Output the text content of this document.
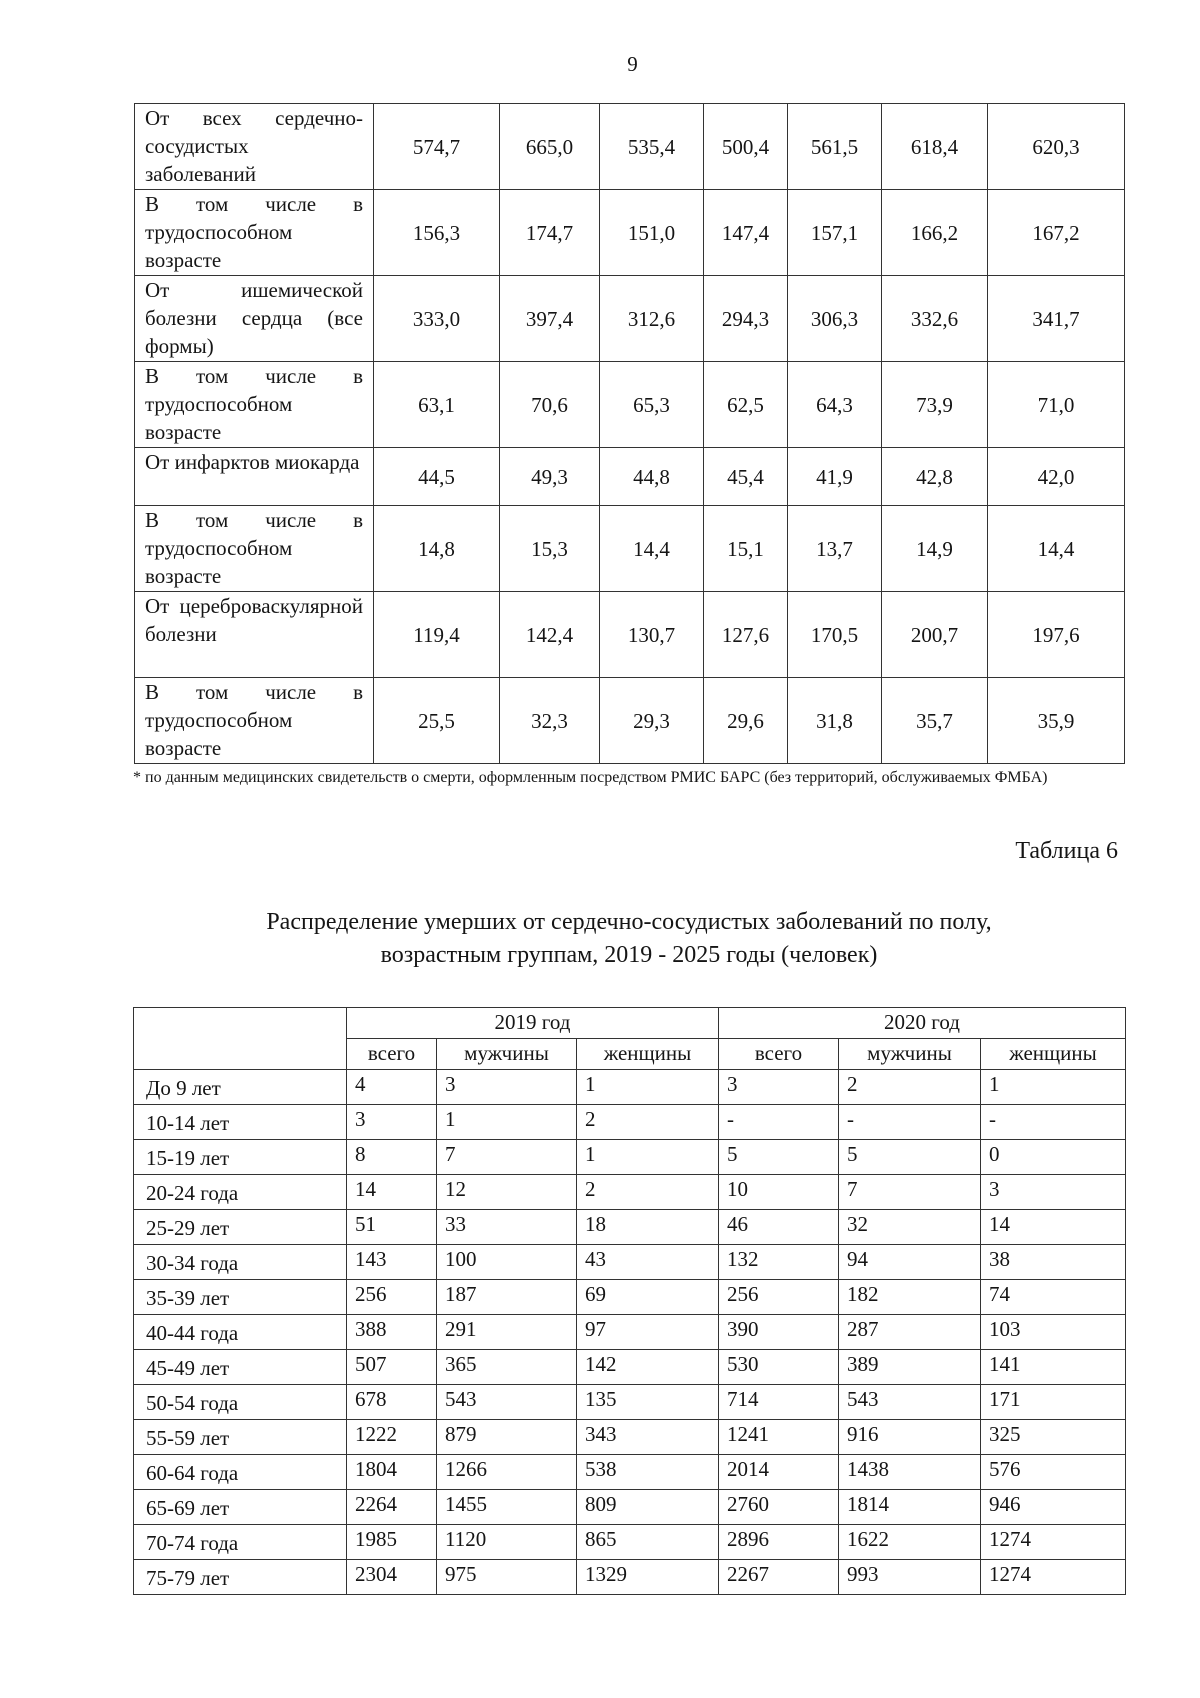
9
От всех сердечно-сосудистых заболеваний	574,7	665,0	535,4	500,4	561,5	618,4	620,3
В том числе в трудоспособном возрасте	156,3	174,7	151,0	147,4	157,1	166,2	167,2
От ишемической болезни сердца (все формы)	333,0	397,4	312,6	294,3	306,3	332,6	341,7
В том числе в трудоспособном возрасте	63,1	70,6	65,3	62,5	64,3	73,9	71,0
От инфарктов миокарда	44,5	49,3	44,8	45,4	41,9	42,8	42,0
В том числе в трудоспособном возрасте	14,8	15,3	14,4	15,1	13,7	14,9	14,4
От цереброваскулярной болезни	119,4	142,4	130,7	127,6	170,5	200,7	197,6
В том числе в трудоспособном возрасте	25,5	32,3	29,3	29,6	31,8	35,7	35,9
* по данным медицинских свидетельств о смерти, оформленным посредством РМИС БАРС (без территорий, обслуживаемых ФМБА)
Таблица 6
Распределение умерших от сердечно-сосудистых заболеваний по полу,
возрастным группам, 2019 - 2025 годы (человек)
	2019 год			2020 год		
	всего	мужчины	женщины	всего	мужчины	женщины
До 9 лет	4	3	1	3	2	1
10-14 лет	3	1	2	-	-	-
15-19 лет	8	7	1	5	5	0
20-24 года	14	12	2	10	7	3
25-29 лет	51	33	18	46	32	14
30-34 года	143	100	43	132	94	38
35-39 лет	256	187	69	256	182	74
40-44 года	388	291	97	390	287	103
45-49 лет	507	365	142	530	389	141
50-54 года	678	543	135	714	543	171
55-59 лет	1222	879	343	1241	916	325
60-64 года	1804	1266	538	2014	1438	576
65-69 лет	2264	1455	809	2760	1814	946
70-74 года	1985	1120	865	2896	1622	1274
75-79 лет	2304	975	1329	2267	993	1274
